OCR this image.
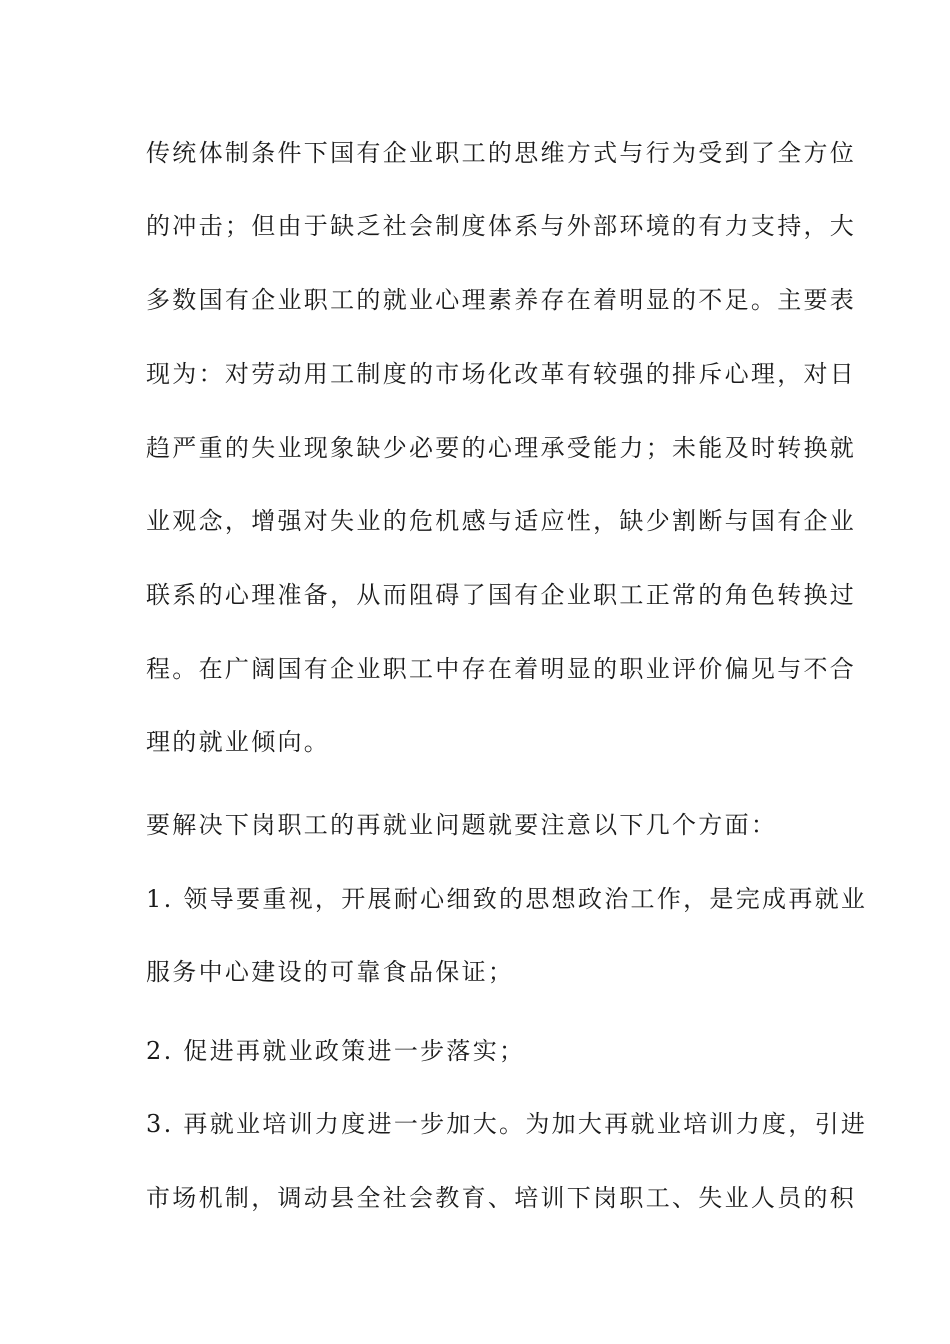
传统体制条件下国有企业职工的思维方式与行为受到了全方位
的冲击；但由于缺乏社会制度体系与外部环境的有力支持，大
多数国有企业职工的就业心理素养存在着明显的不足。主要表
现为：对劳动用工制度的市场化改革有较强的排斥心理，对日
趋严重的失业现象缺少必要的心理承受能力；未能及时转换就
业观念，增强对失业的危机感与适应性，缺少割断与国有企业
联系的心理准备，从而阻碍了国有企业职工正常的角色转换过
程。在广阔国有企业职工中存在着明显的职业评价偏见与不合
理的就业倾向。
要解决下岗职工的再就业问题就要注意以下几个方面：
1. 领导要重视，开展耐心细致的思想政治工作，是完成再就业
服务中心建设的可靠食品保证；
2. 促进再就业政策进一步落实；
3. 再就业培训力度进一步加大。为加大再就业培训力度，引进
市场机制，调动县全社会教育、培训下岗职工、失业人员的积
